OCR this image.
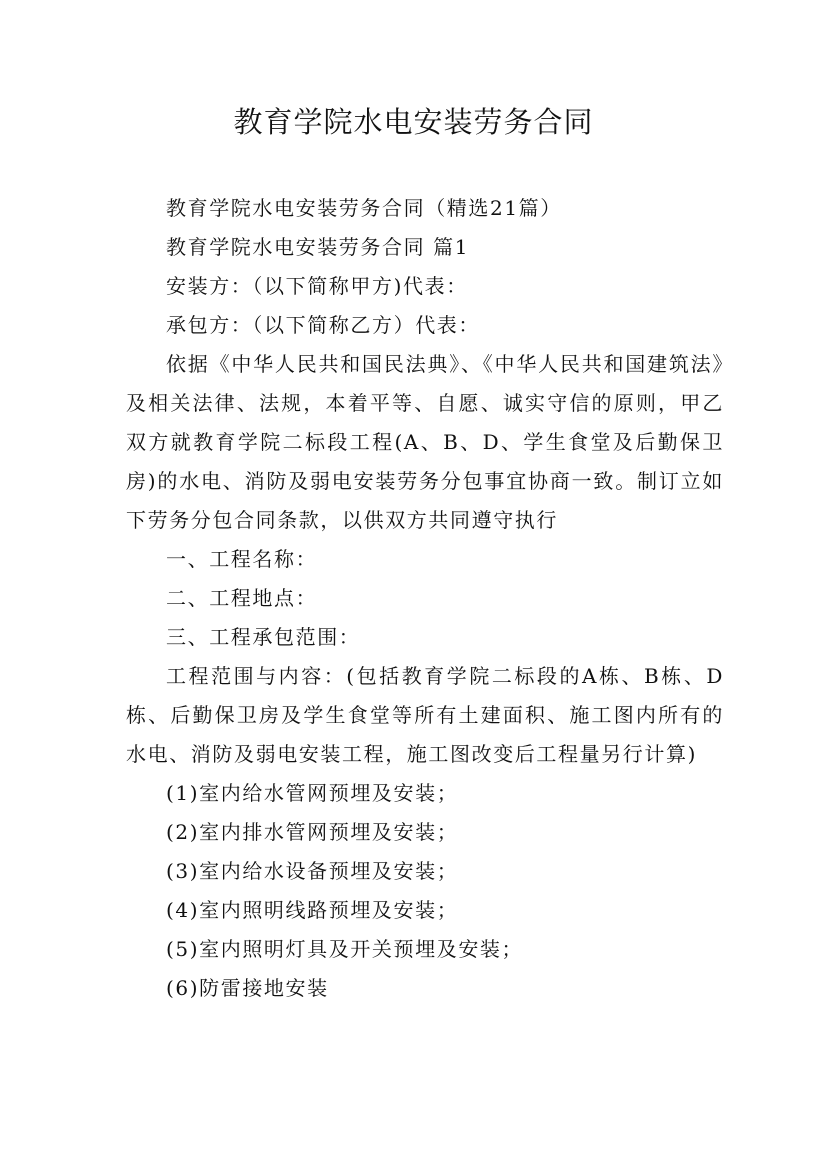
教育学院水电安装劳务合同

教育学院水电安装劳务合同（精选21篇）

教育学院水电安装劳务合同 篇1

安装方：（以下简称甲方)代表：

承包方：（以下简称乙方）代表：

依据《中华人民共和国民法典》、《中华人民共和国建筑法》及相关法律、法规，本着平等、自愿、诚实守信的原则，甲乙双方就教育学院二标段工程(A、B、D、学生食堂及后勤保卫房)的水电、消防及弱电安装劳务分包事宜协商一致。制订立如下劳务分包合同条款，以供双方共同遵守执行

一、工程名称：

二、工程地点：

三、工程承包范围：

工程范围与内容：(包括教育学院二标段的A栋、B栋、D栋、后勤保卫房及学生食堂等所有土建面积、施工图内所有的水电、消防及弱电安装工程，施工图改变后工程量另行计算)

(1)室内给水管网预埋及安装；

(2)室内排水管网预埋及安装；

(3)室内给水设备预埋及安装；

(4)室内照明线路预埋及安装；

(5)室内照明灯具及开关预埋及安装；

(6)防雷接地安装
